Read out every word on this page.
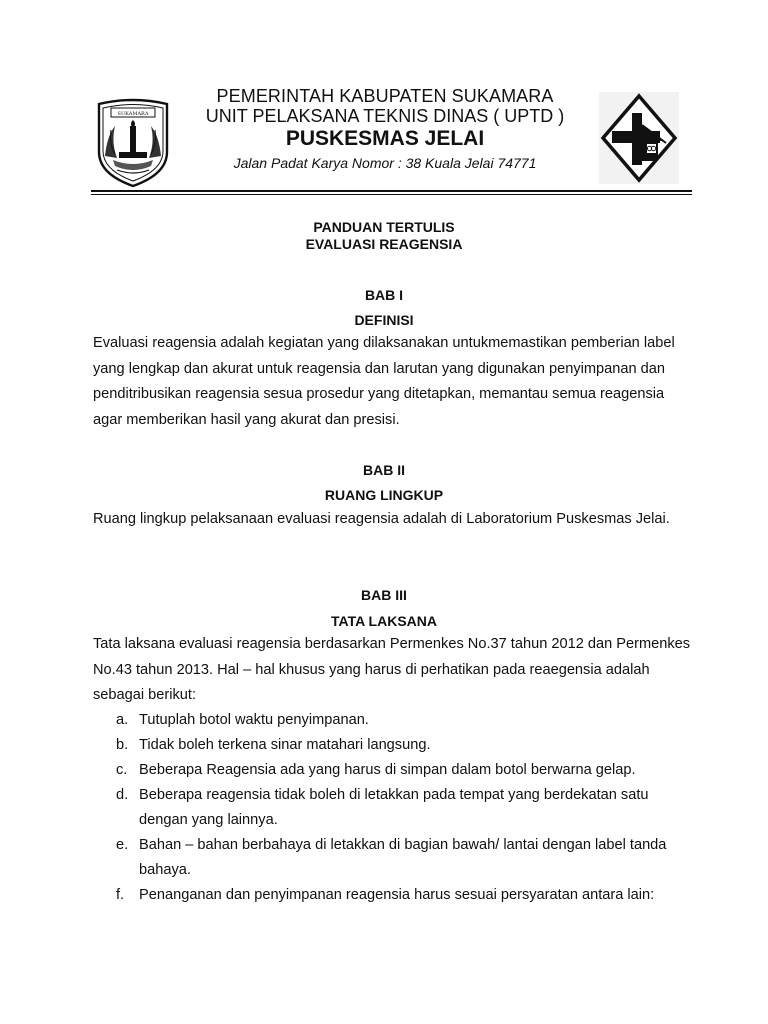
SUKAMARA
PEMERINTAH KABUPATEN SUKAMARA
UNIT PELAKSANA TEKNIS DINAS ( UPTD )
PUSKESMAS JELAI
Jalan Padat Karya Nomor : 38 Kuala Jelai 74771
PANDUAN TERTULIS
EVALUASI REAGENSIA
BAB I
DEFINISI
Evaluasi reagensia adalah kegiatan yang dilaksanakan untukmemastikan pemberian label yang lengkap dan akurat untuk reagensia dan larutan yang digunakan penyimpanan dan penditribusikan reagensia sesua prosedur yang ditetapkan, memantau semua reagensia agar memberikan hasil yang akurat dan presisi.
BAB II
RUANG LINGKUP
Ruang lingkup pelaksanaan evaluasi reagensia adalah di Laboratorium Puskesmas Jelai.
BAB III
TATA LAKSANA
Tata laksana evaluasi reagensia berdasarkan Permenkes No.37 tahun 2012 dan Permenkes No.43 tahun 2013. Hal – hal khusus yang harus di perhatikan pada reaegensia adalah sebagai berikut:
a. Tutuplah botol waktu penyimpanan.
b. Tidak boleh terkena sinar matahari langsung.
c. Beberapa Reagensia ada yang harus di simpan dalam botol berwarna gelap.
d. Beberapa reagensia tidak boleh di letakkan pada tempat yang berdekatan satu dengan yang lainnya.
e. Bahan – bahan berbahaya di letakkan di bagian bawah/ lantai dengan label tanda bahaya.
f. Penanganan dan penyimpanan reagensia harus sesuai persyaratan antara lain:
